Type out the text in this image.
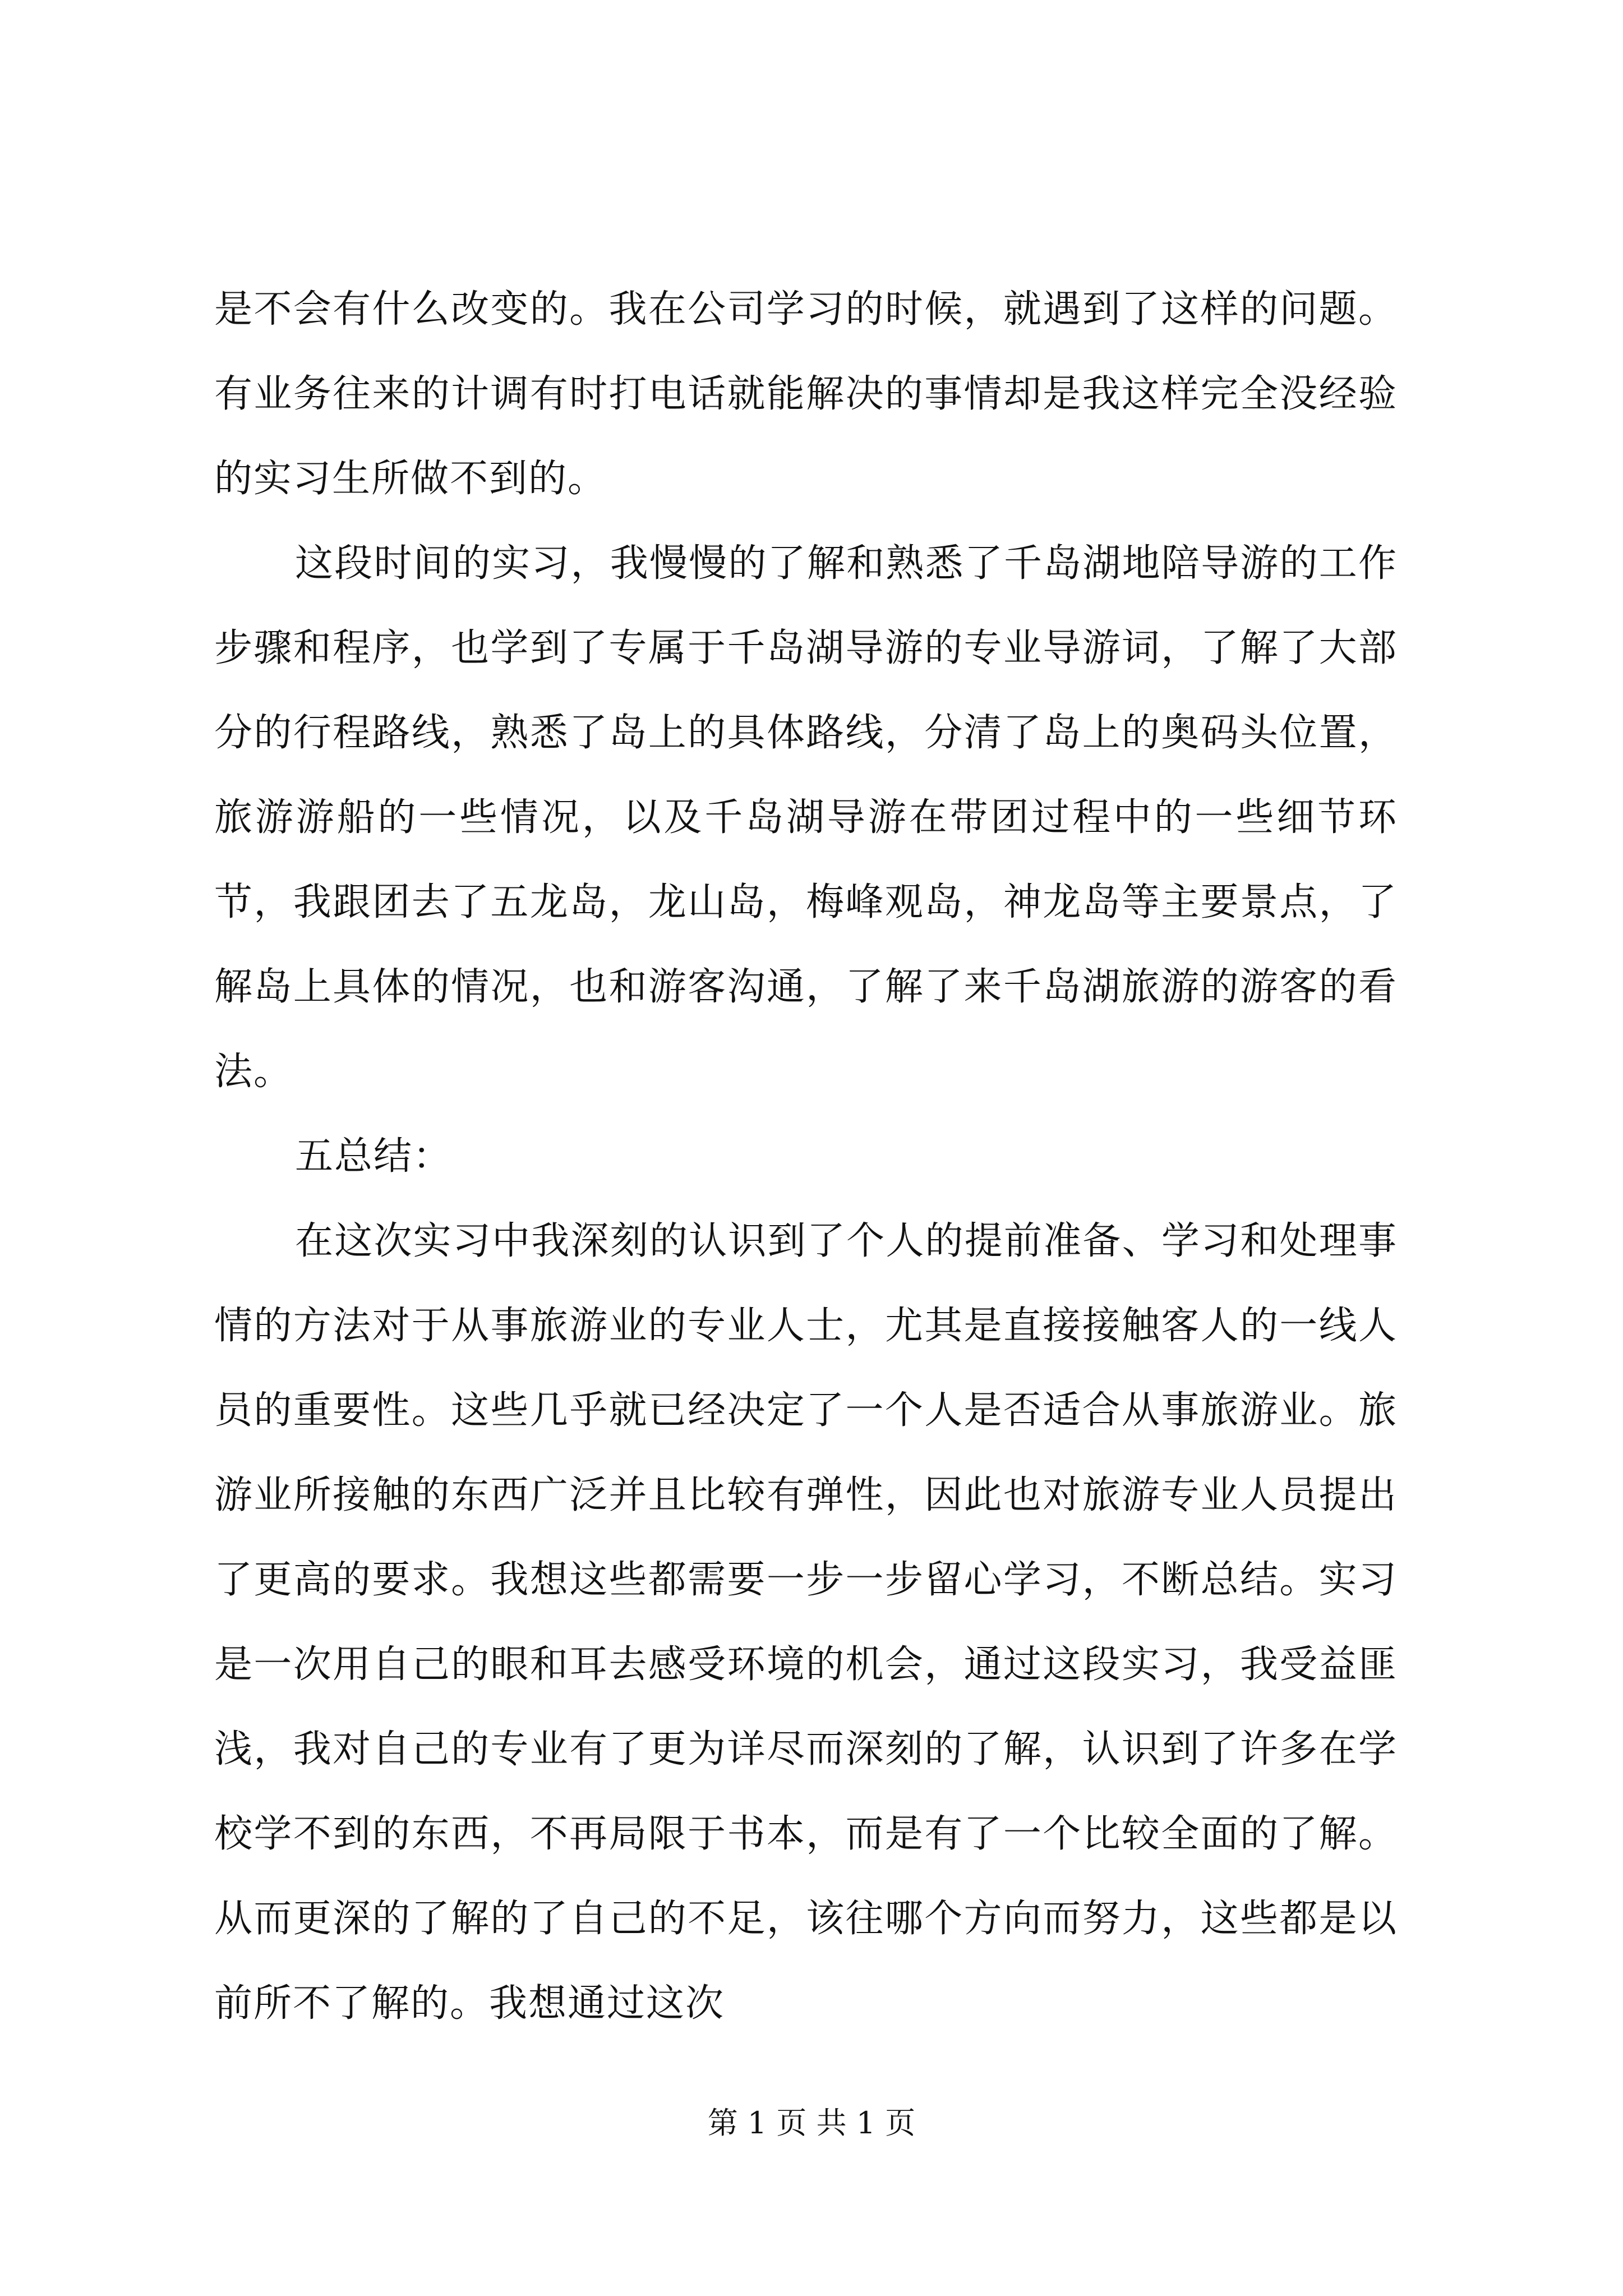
是不会有什么改变的。我在公司学习的时候，就遇到了这样的问题。有业务往来的计调有时打电话就能解决的事情却是我这样完全没经验的实习生所做不到的。

这段时间的实习，我慢慢的了解和熟悉了千岛湖地陪导游的工作步骤和程序，也学到了专属于千岛湖导游的专业导游词，了解了大部分的行程路线，熟悉了岛上的具体路线，分清了岛上的奥码头位置，旅游游船的一些情况，以及千岛湖导游在带团过程中的一些细节环节，我跟团去了五龙岛，龙山岛，梅峰观岛，神龙岛等主要景点，了解岛上具体的情况，也和游客沟通，了解了来千岛湖旅游的游客的看法。

五总结：

在这次实习中我深刻的认识到了个人的提前准备、学习和处理事情的方法对于从事旅游业的专业人士，尤其是直接接触客人的一线人员的重要性。这些几乎就已经决定了一个人是否适合从事旅游业。旅游业所接触的东西广泛并且比较有弹性，因此也对旅游专业人员提出了更高的要求。我想这些都需要一步一步留心学习，不断总结。实习是一次用自己的眼和耳去感受环境的机会，通过这段实习，我受益匪浅，我对自己的专业有了更为详尽而深刻的了解，认识到了许多在学校学不到的东西，不再局限于书本，而是有了一个比较全面的了解。从而更深的了解的了自己的不足，该往哪个方向而努力，这些都是以前所不了解的。我想通过这次

第 1 页 共 1 页
